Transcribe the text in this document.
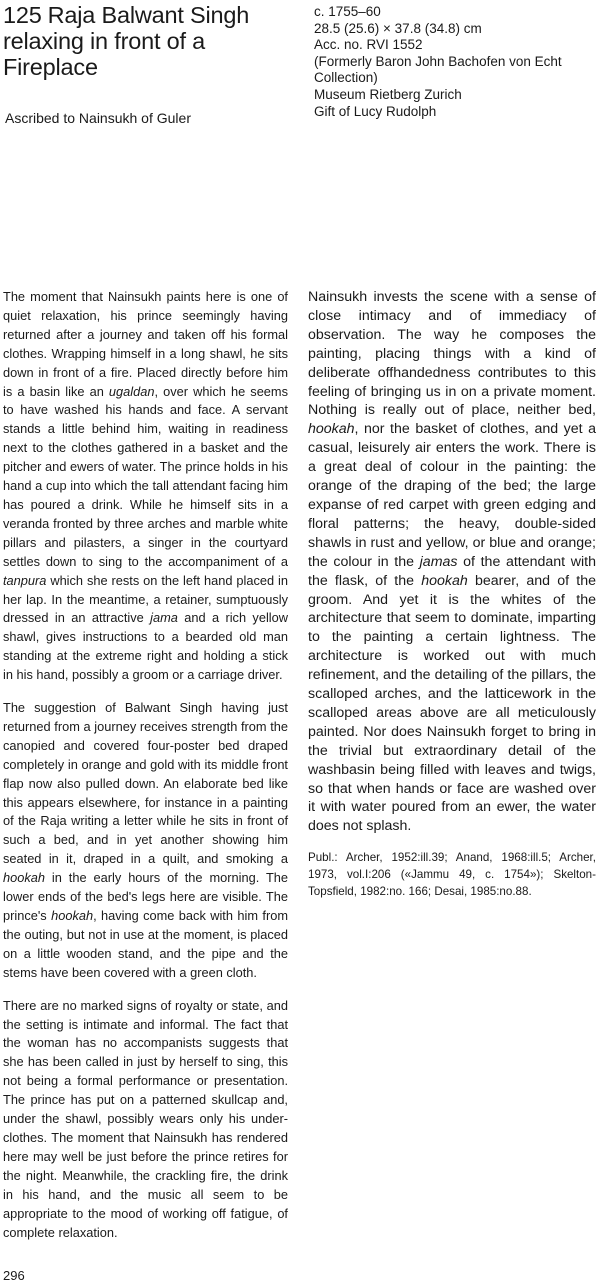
125 Raja Balwant Singh
relaxing in front of a
Fireplace
Ascribed to Nainsukh of Guler
c. 1755–60
28.5 (25.6) × 37.8 (34.8) cm
Acc. no. RVI 1552
(Formerly Baron John Bachofen von Echt
Collection)
Museum Rietberg Zurich
Gift of Lucy Rudolph

The moment that Nainsukh paints here is one of quiet relaxation, his prince seemingly having returned after a journey and taken off his formal clothes. Wrapping himself in a long shawl, he sits down in front of a fire. Placed directly before him is a basin like an ugaldan, over which he seems to have washed his hands and face. A servant stands a little behind him, waiting in readiness next to the clothes gathered in a basket and the pitcher and ewers of water. The prince holds in his hand a cup into which the tall attendant facing him has poured a drink. While he himself sits in a veranda fronted by three arches and marble white pillars and pilasters, a singer in the courtyard settles down to sing to the accompaniment of a tanpura which she rests on the left hand placed in her lap. In the meantime, a retainer, sumptuously dressed in an attractive jama and a rich yellow shawl, gives instructions to a bearded old man standing at the extreme right and holding a stick in his hand, possibly a groom or a carriage driver.

The suggestion of Balwant Singh having just returned from a journey receives strength from the canopied and covered four-poster bed draped completely in orange and gold with its middle front flap now also pulled down. An elaborate bed like this appears elsewhere, for instance in a painting of the Raja writing a letter while he sits in front of such a bed, and in yet another showing him seated in it, draped in a quilt, and smoking a hookah in the early hours of the morning. The lower ends of the bed's legs here are visible. The prince's hookah, having come back with him from the outing, but not in use at the moment, is placed on a little wooden stand, and the pipe and the stems have been covered with a green cloth.

There are no marked signs of royalty or state, and the setting is intimate and informal. The fact that the woman has no accompanists suggests that she has been called in just by herself to sing, this not being a formal performance or presentation. The prince has put on a patterned skullcap and, under the shawl, possibly wears only his under-clothes. The moment that Nainsukh has rendered here may well be just before the prince retires for the night. Meanwhile, the crackling fire, the drink in his hand, and the music all seem to be appropriate to the mood of working off fatigue, of complete relaxation.

Nainsukh invests the scene with a sense of close intimacy and of immediacy of observation. The way he composes the painting, placing things with a kind of deliberate offhandedness contributes to this feeling of bringing us in on a private moment. Nothing is really out of place, neither bed, hookah, nor the basket of clothes, and yet a casual, leisurely air enters the work. There is a great deal of colour in the painting: the orange of the draping of the bed; the large expanse of red carpet with green edging and floral patterns; the heavy, double-sided shawls in rust and yellow, or blue and orange; the colour in the jamas of the attendant with the flask, of the hookah bearer, and of the groom. And yet it is the whites of the architecture that seem to dominate, imparting to the painting a certain lightness. The architecture is worked out with much refinement, and the detailing of the pillars, the scalloped arches, and the latticework in the scalloped areas above are all meticulously painted. Nor does Nainsukh forget to bring in the trivial but extraordinary detail of the washbasin being filled with leaves and twigs, so that when hands or face are washed over it with water poured from an ewer, the water does not splash.

Publ.: Archer, 1952:ill.39; Anand, 1968:ill.5; Archer, 1973, vol.I:206 («Jammu 49, c. 1754»); Skelton-Topsfield, 1982:no. 166; Desai, 1985:no.88.

296
